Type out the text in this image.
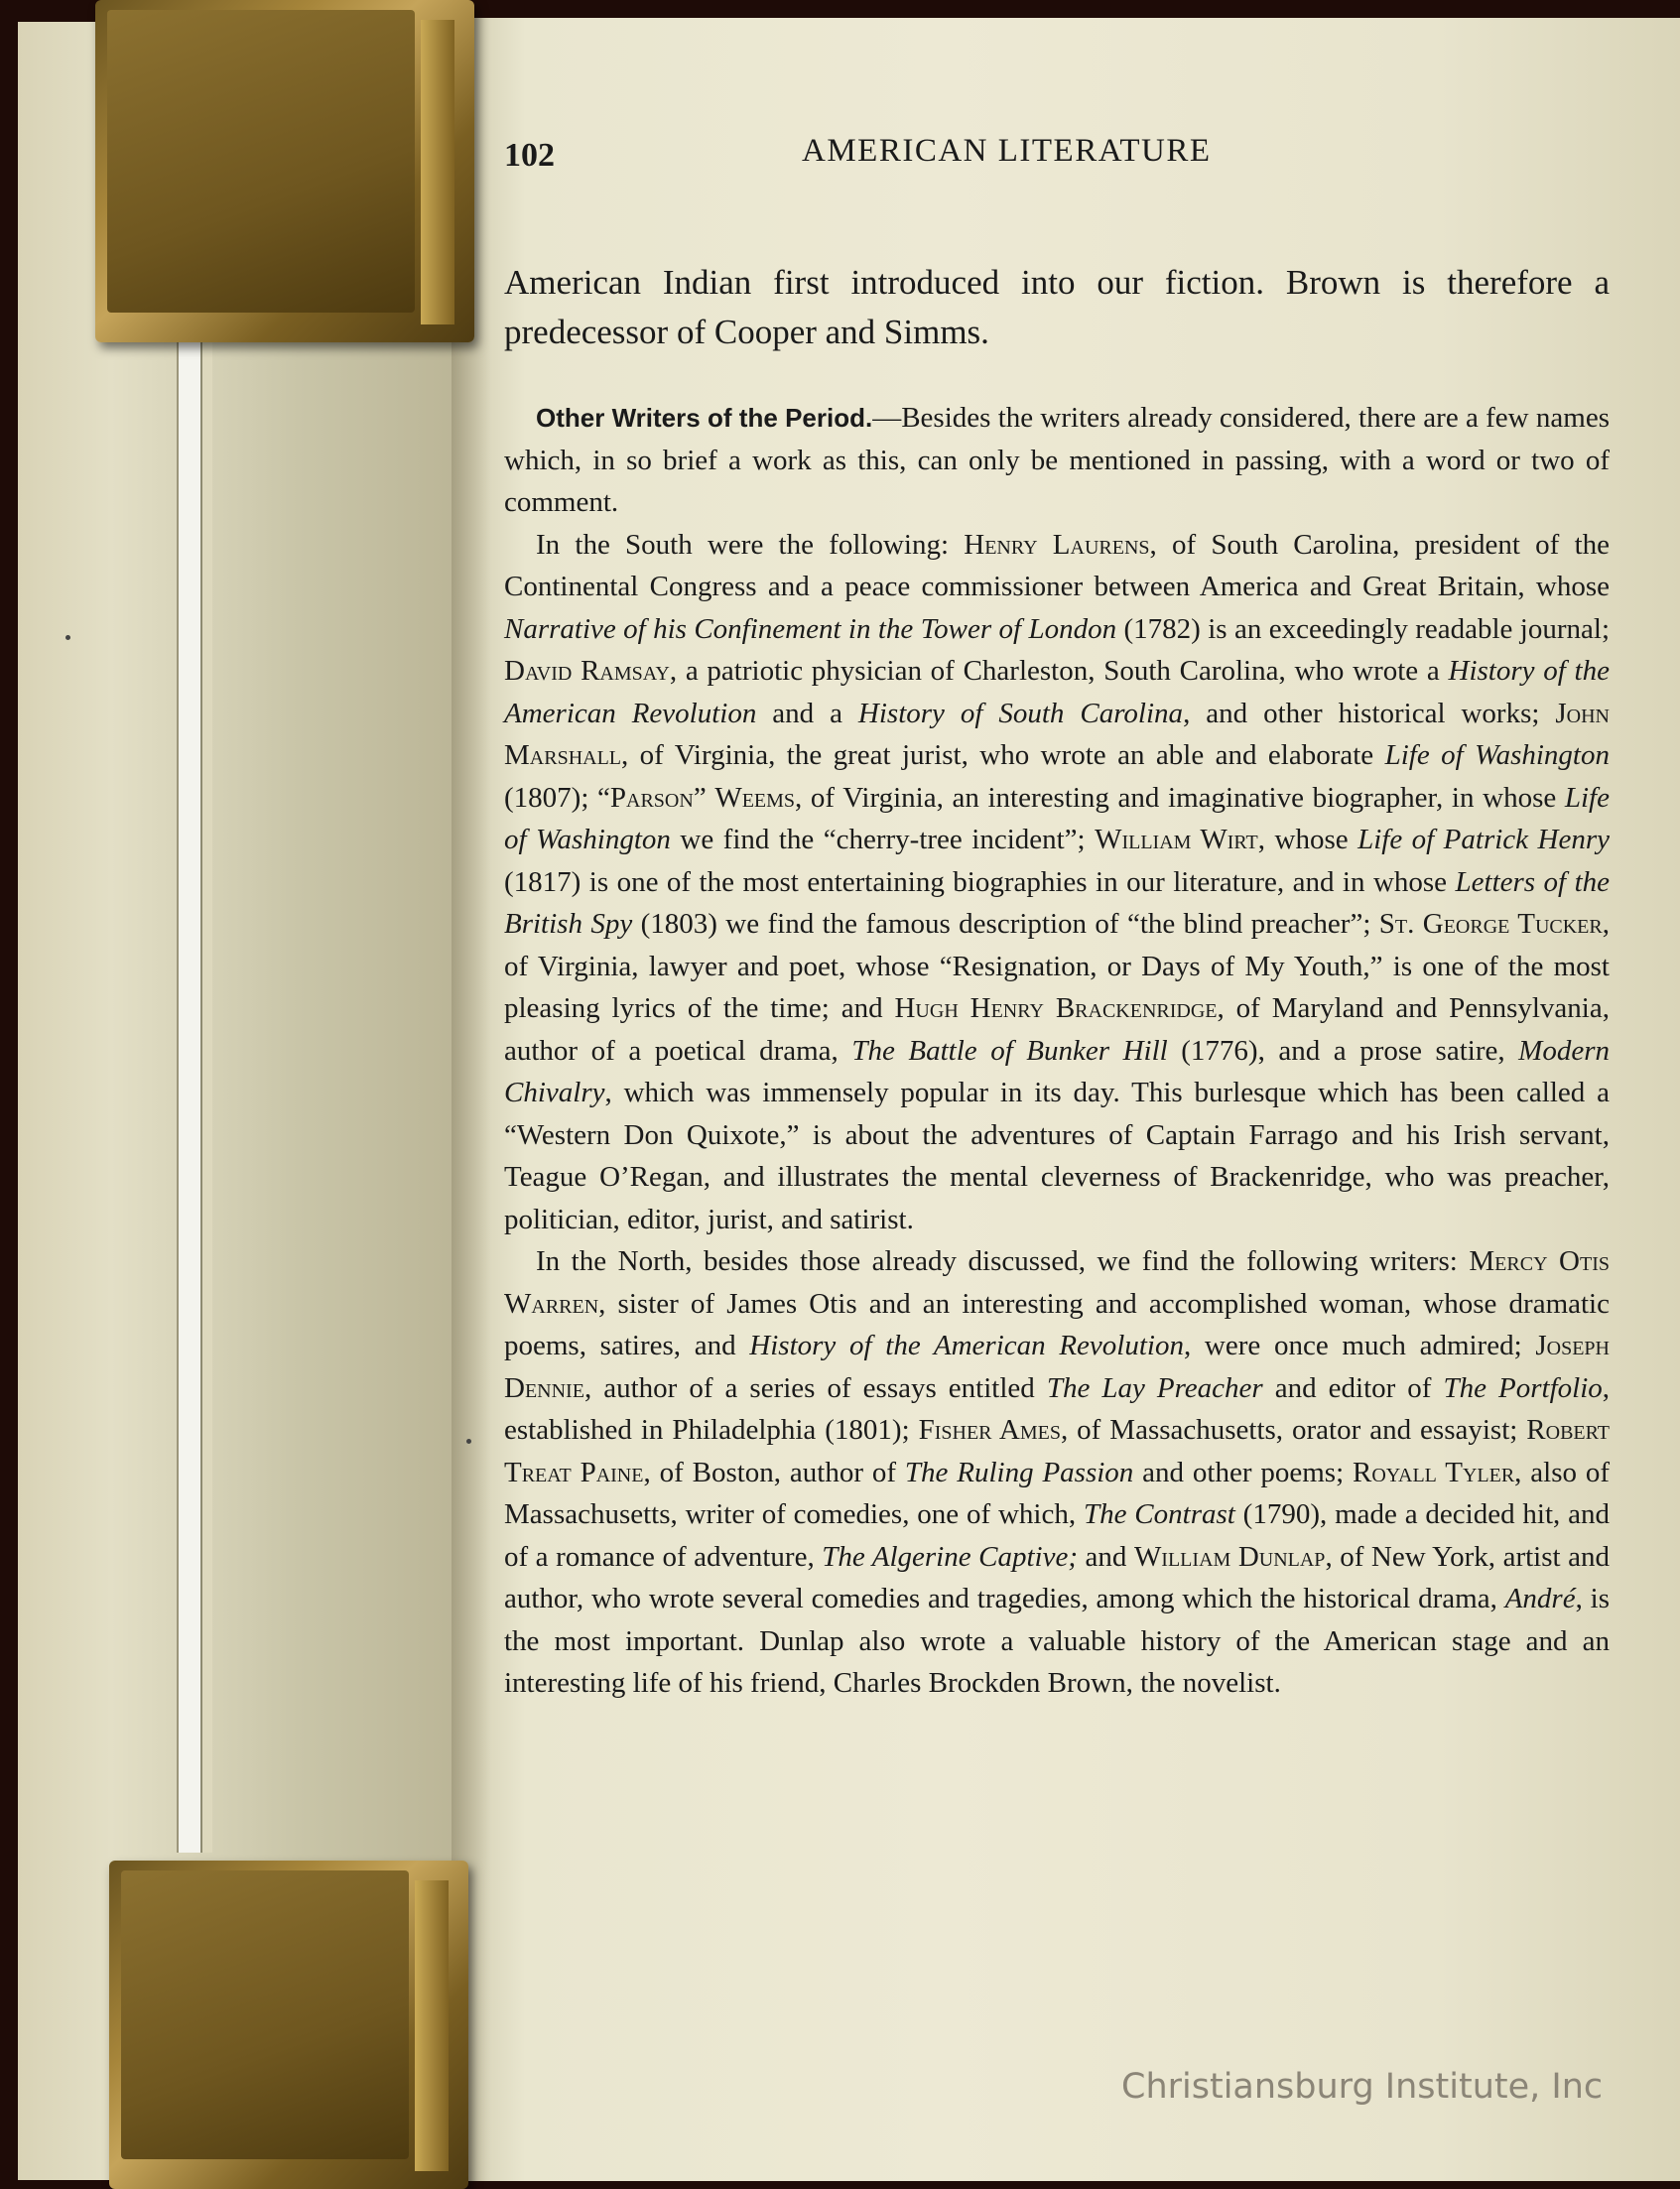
102	AMERICAN LITERATURE

American Indian first introduced into our fiction. Brown is therefore a predecessor of Cooper and Simms.

Other Writers of the Period.—Besides the writers already considered, there are a few names which, in so brief a work as this, can only be mentioned in passing, with a word or two of comment.

In the South were the following: Henry Laurens, of South Carolina, president of the Continental Congress and a peace commissioner between America and Great Britain, whose Narrative of his Confinement in the Tower of London (1782) is an exceedingly readable journal; David Ramsay, a patriotic physician of Charleston, South Carolina, who wrote a History of the American Revolution and a History of South Carolina, and other historical works; John Marshall, of Virginia, the great jurist, who wrote an able and elaborate Life of Washington (1807); “Parson” Weems, of Virginia, an interesting and imaginative biographer, in whose Life of Washington we find the “cherry-tree incident”; William Wirt, whose Life of Patrick Henry (1817) is one of the most entertaining biographies in our literature, and in whose Letters of the British Spy (1803) we find the famous description of “the blind preacher”; St. George Tucker, of Virginia, lawyer and poet, whose “Resignation, or Days of My Youth,” is one of the most pleasing lyrics of the time; and Hugh Henry Brackenridge, of Maryland and Pennsylvania, author of a poetical drama, The Battle of Bunker Hill (1776), and a prose satire, Modern Chivalry, which was immensely popular in its day. This burlesque which has been called a “Western Don Quixote,” is about the adventures of Captain Farrago and his Irish servant, Teague O’Regan, and illustrates the mental cleverness of Brackenridge, who was preacher, politician, editor, jurist, and satirist.

In the North, besides those already discussed, we find the following writers: Mercy Otis Warren, sister of James Otis and an interesting and accomplished woman, whose dramatic poems, satires, and History of the American Revolution, were once much admired; Joseph Dennie, author of a series of essays entitled The Lay Preacher and editor of The Portfolio, established in Philadelphia (1801); Fisher Ames, of Massachusetts, orator and essayist; Robert Treat Paine, of Boston, author of The Ruling Passion and other poems; Royall Tyler, also of Massachusetts, writer of comedies, one of which, The Contrast (1790), made a decided hit, and of a romance of adventure, The Algerine Captive; and William Dunlap, of New York, artist and author, who wrote several comedies and tragedies, among which the historical drama, André, is the most important. Dunlap also wrote a valuable history of the American stage and an interesting life of his friend, Charles Brockden Brown, the novelist.

Christiansburg Institute, Inc
